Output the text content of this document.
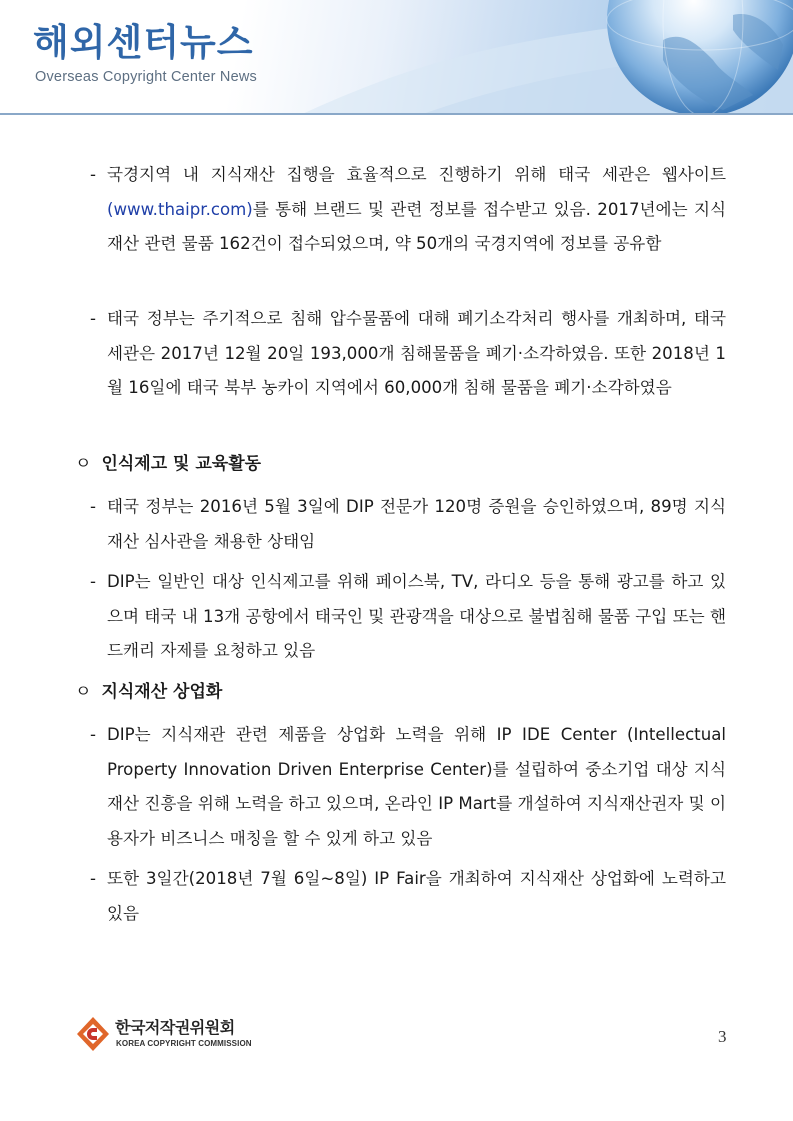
해외센터뉴스
Overseas Copyright Center News
- 국경지역 내 지식재산 집행을 효율적으로 진행하기 위해 태국 세관은 웹사이트 (www.thaipr.com)를 통해 브랜드 및 관련 정보를 접수받고 있음. 2017년에는 지식재산 관련 물품 162건이 접수되었으며, 약 50개의 국경지역에 정보를 공유함
- 태국 정부는 주기적으로 침해 압수물품에 대해 폐기소각처리 행사를 개최하며, 태국 세관은 2017년 12월 20일 193,000개 침해물품을 폐기·소각하였음. 또한 2018년 1월 16일에 태국 북부 농카이 지역에서 60,000개 침해 물품을 폐기·소각하였음
ㅇ 인식제고 및 교육활동
- 태국 정부는 2016년 5월 3일에 DIP 전문가 120명 증원을 승인하였으며, 89명 지식재산 심사관을 채용한 상태임
- DIP는 일반인 대상 인식제고를 위해 페이스북, TV, 라디오 등을 통해 광고를 하고 있으며 태국 내 13개 공항에서 태국인 및 관광객을 대상으로 불법침해 물품 구입 또는 핸드캐리 자제를 요청하고 있음
ㅇ 지식재산 상업화
- DIP는 지식재관 관련 제품을 상업화 노력을 위해 IP IDE Center (Intellectual Property Innovation Driven Enterprise Center)를 설립하여 중소기업 대상 지식재산 진흥을 위해 노력을 하고 있으며, 온라인 IP Mart를 개설하여 지식재산권자 및 이용자가 비즈니스 매칭을 할 수 있게 하고 있음
- 또한 3일간(2018년 7월 6일~8일) IP Fair을 개최하여 지식재산 상업화에 노력하고 있음
한국저작권위원회
KOREA COPYRIGHT COMMISSION	3
